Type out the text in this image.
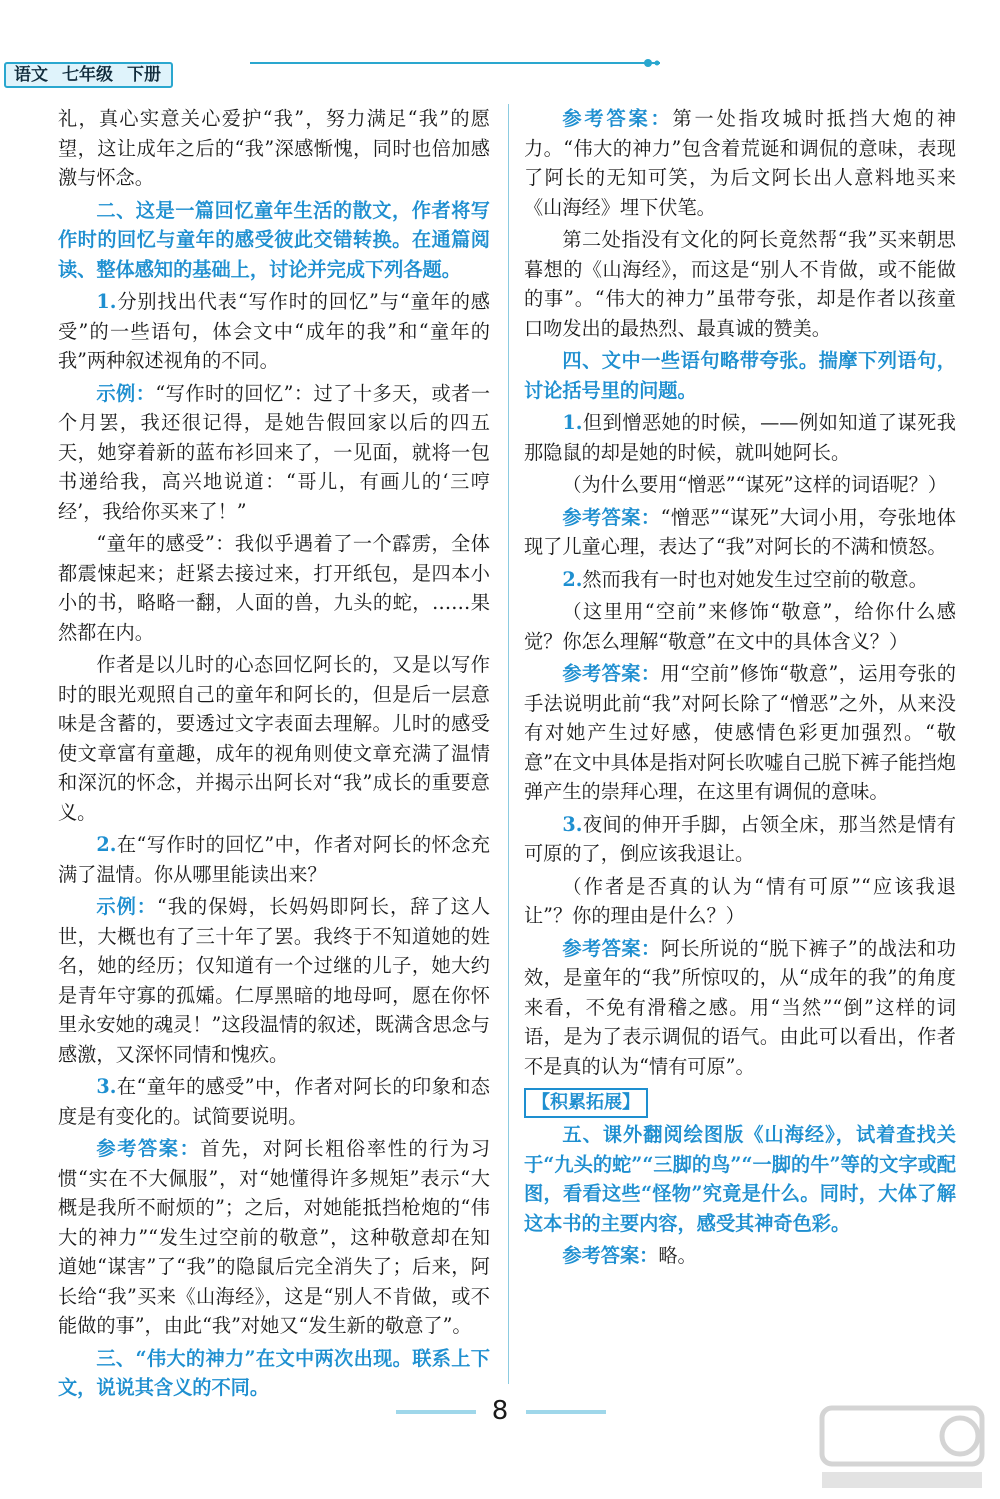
语文 七年级 下册

礼，真心实意关心爱护“我”，努力满足“我”的愿望，这让成年之后的“我”深感惭愧，同时也倍加感激与怀念。

二、这是一篇回忆童年生活的散文，作者将写作时的回忆与童年的感受彼此交错转换。在通篇阅读、整体感知的基础上，讨论并完成下列各题。

1.分别找出代表“写作时的回忆”与“童年的感受”的一些语句，体会文中“成年的我”和“童年的我”两种叙述视角的不同。

示例：“写作时的回忆”：过了十多天，或者一个月罢，我还很记得，是她告假回家以后的四五天，她穿着新的蓝布衫回来了，一见面，就将一包书递给我，高兴地说道：“哥儿，有画儿的‘三哼经’，我给你买来了！”

“童年的感受”：我似乎遇着了一个霹雳，全体都震悚起来；赶紧去接过来，打开纸包，是四本小小的书，略略一翻，人面的兽，九头的蛇，……果然都在内。

作者是以儿时的心态回忆阿长的，又是以写作时的眼光观照自己的童年和阿长的，但是后一层意味是含蓄的，要透过文字表面去理解。儿时的感受使文章富有童趣，成年的视角则使文章充满了温情和深沉的怀念，并揭示出阿长对“我”成长的重要意义。

2.在“写作时的回忆”中，作者对阿长的怀念充满了温情。你从哪里能读出来？

示例：“我的保姆，长妈妈即阿长，辞了这人世，大概也有了三十年了罢。我终于不知道她的姓名，她的经历；仅知道有一个过继的儿子，她大约是青年守寡的孤孀。仁厚黑暗的地母呵，愿在你怀里永安她的魂灵！”这段温情的叙述，既满含思念与感激，又深怀同情和愧疚。

3.在“童年的感受”中，作者对阿长的印象和态度是有变化的。试简要说明。

参考答案：首先，对阿长粗俗率性的行为习惯“实在不大佩服”，对“她懂得许多规矩”表示“大概是我所不耐烦的”；之后，对她能抵挡枪炮的“伟大的神力”“发生过空前的敬意”，这种敬意却在知道她“谋害”了“我”的隐鼠后完全消失了；后来，阿长给“我”买来《山海经》，这是“别人不肯做，或不能做的事”，由此“我”对她又“发生新的敬意了”。

三、“伟大的神力”在文中两次出现。联系上下文，说说其含义的不同。

参考答案：第一处指攻城时抵挡大炮的神力。“伟大的神力”包含着荒诞和调侃的意味，表现了阿长的无知可笑，为后文阿长出人意料地买来《山海经》埋下伏笔。

第二处指没有文化的阿长竟然帮“我”买来朝思暮想的《山海经》，而这是“别人不肯做，或不能做的事”。“伟大的神力”虽带夸张，却是作者以孩童口吻发出的最热烈、最真诚的赞美。

四、文中一些语句略带夸张。揣摩下列语句，讨论括号里的问题。

1.但到憎恶她的时候，——例如知道了谋死我那隐鼠的却是她的时候，就叫她阿长。

（为什么要用“憎恶”“谋死”这样的词语呢？）

参考答案：“憎恶”“谋死”大词小用，夸张地体现了儿童心理，表达了“我”对阿长的不满和愤怒。

2.然而我有一时也对她发生过空前的敬意。

（这里用“空前”来修饰“敬意”，给你什么感觉？你怎么理解“敬意”在文中的具体含义？）

参考答案：用“空前”修饰“敬意”，运用夸张的手法说明此前“我”对阿长除了“憎恶”之外，从来没有对她产生过好感，使感情色彩更加强烈。“敬意”在文中具体是指对阿长吹嘘自己脱下裤子能挡炮弹产生的崇拜心理，在这里有调侃的意味。

3.夜间的伸开手脚，占领全床，那当然是情有可原的了，倒应该我退让。

（作者是否真的认为“情有可原”“应该我退让”？你的理由是什么？）

参考答案：阿长所说的“脱下裤子”的战法和功效，是童年的“我”所惊叹的，从“成年的我”的角度来看，不免有滑稽之感。用“当然”“倒”这样的词语，是为了表示调侃的语气。由此可以看出，作者不是真的认为“情有可原”。

【积累拓展】

五、课外翻阅绘图版《山海经》，试着查找关于“九头的蛇”“三脚的鸟”“一脚的牛”等的文字或配图，看看这些“怪物”究竟是什么。同时，大体了解这本书的主要内容，感受其神奇色彩。

参考答案：略。

8
